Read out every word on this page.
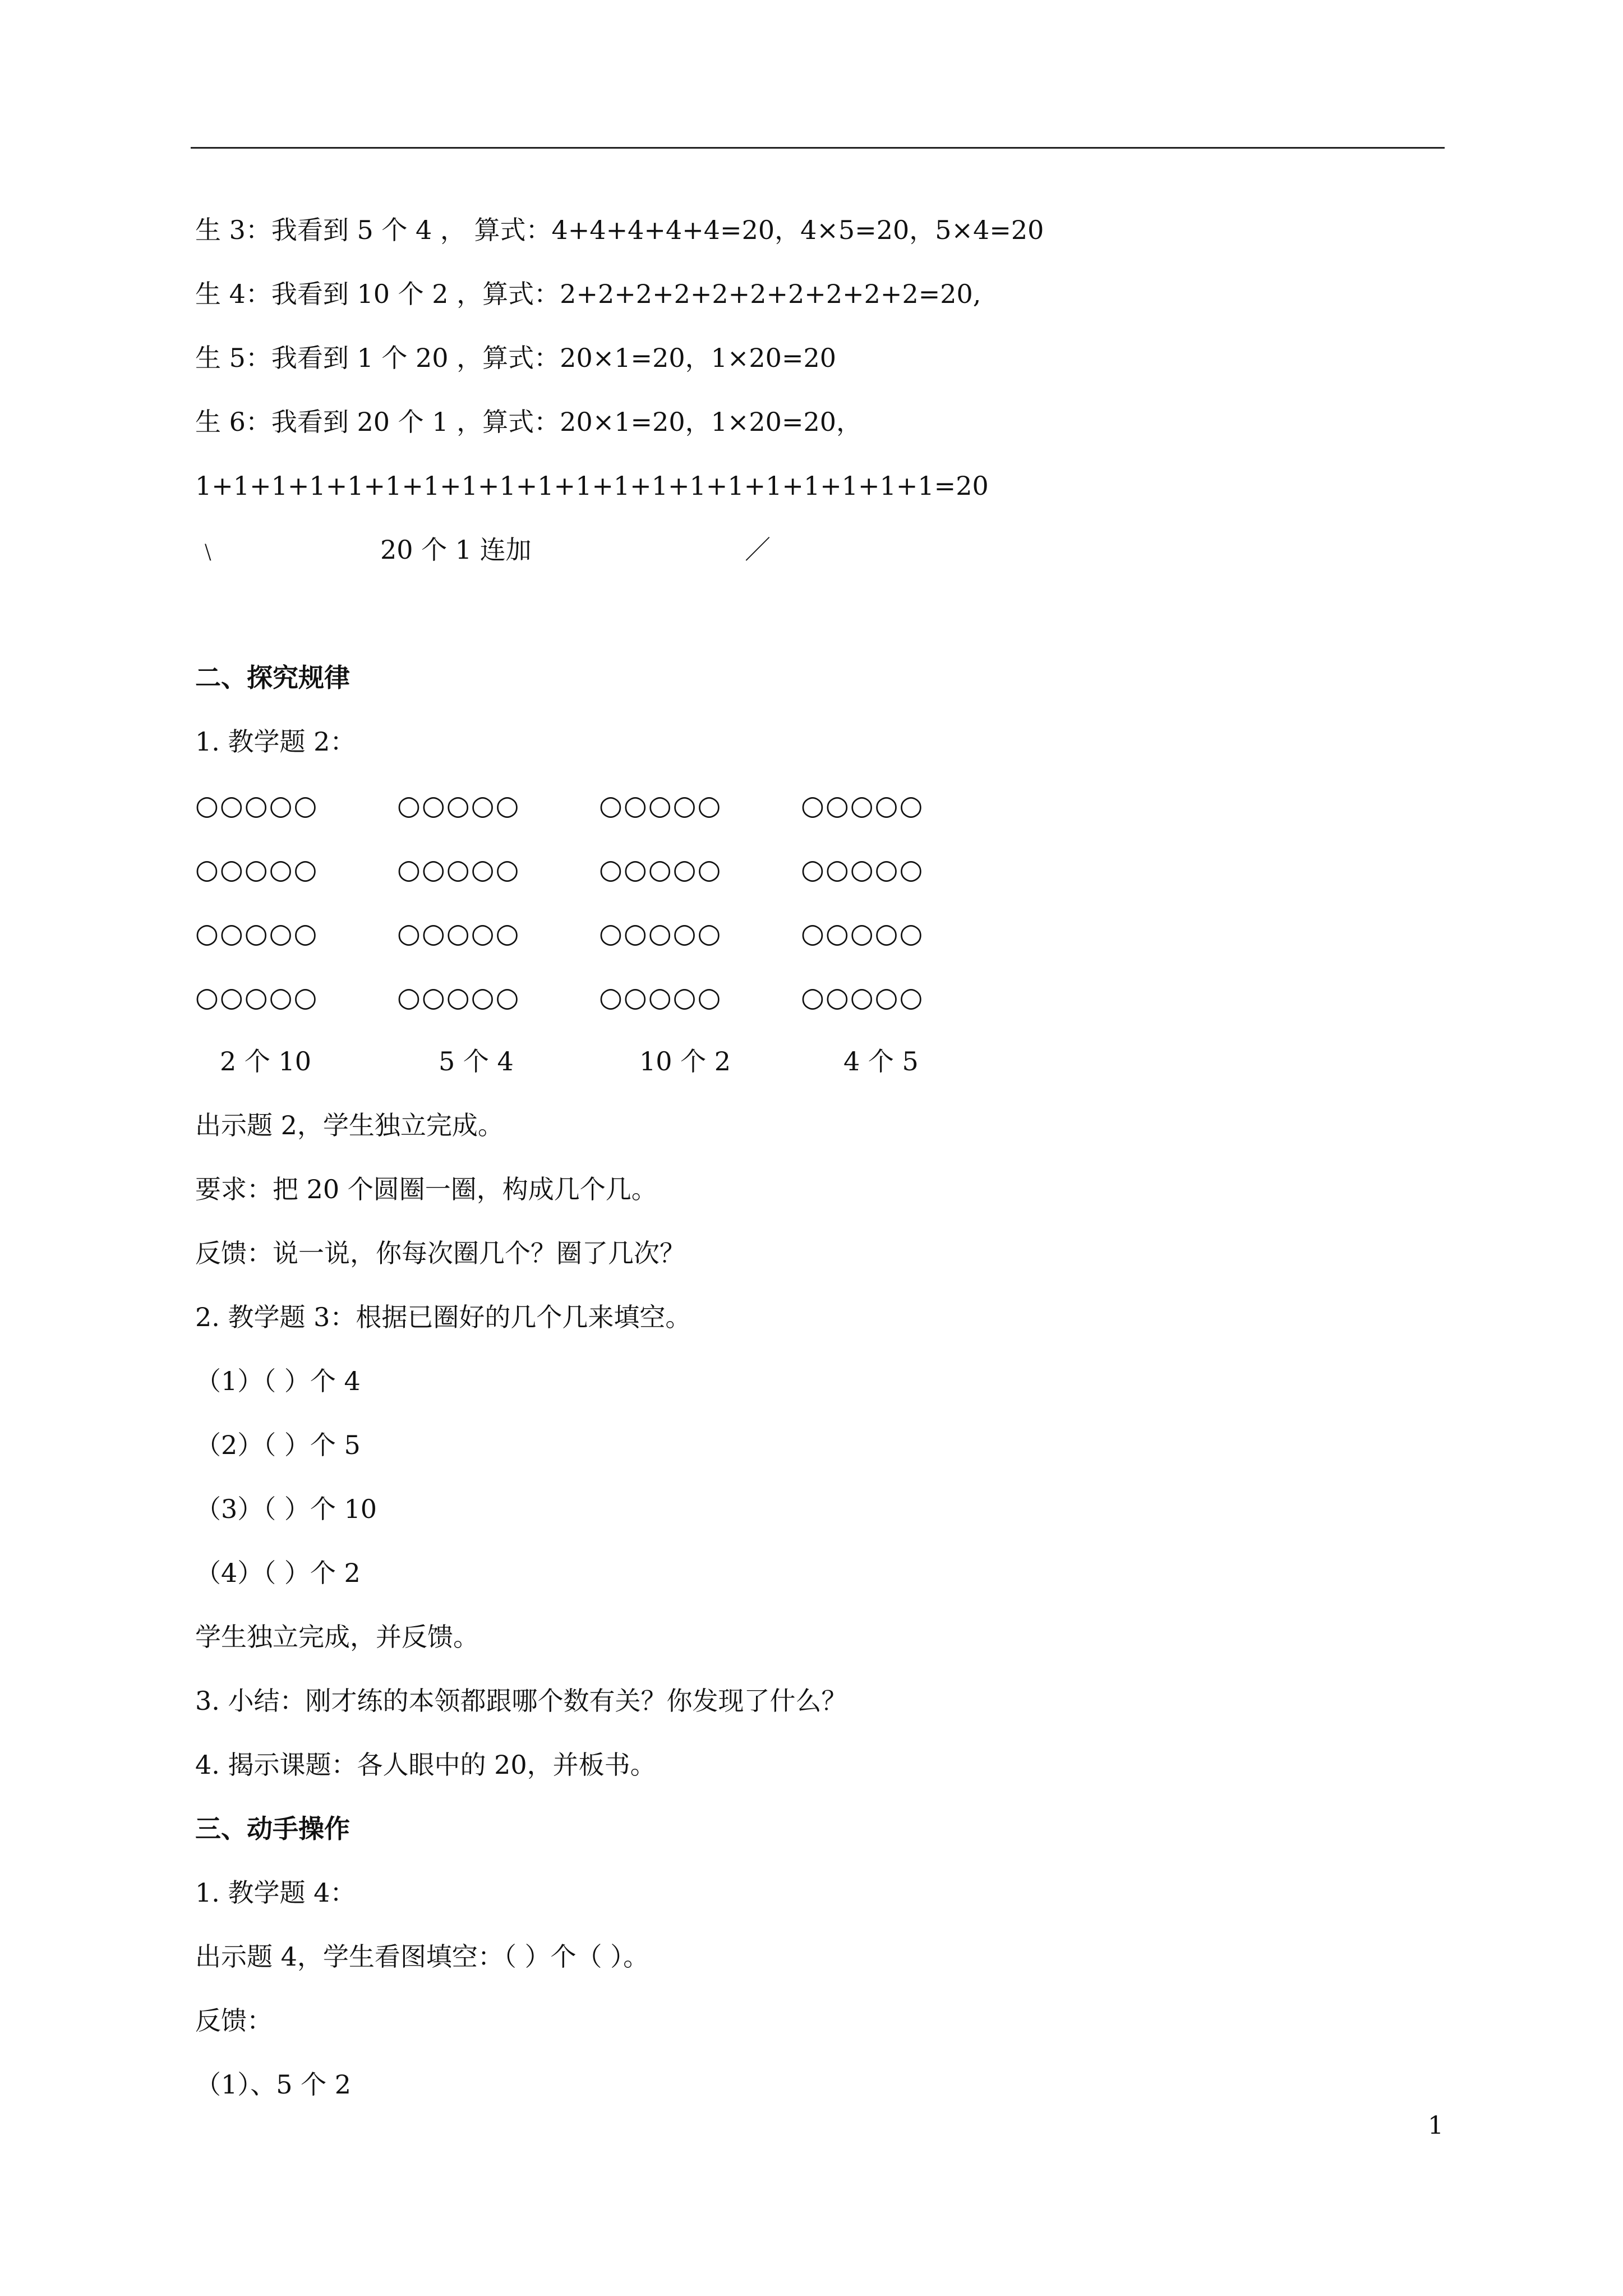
生 3：我看到 5 个 4 ， 算式：4+4+4+4+4=20，4×5=20，5×4=20
生 4：我看到 10 个 2 ，算式：2+2+2+2+2+2+2+2+2+2=20,
生 5：我看到 1 个 20 ，算式：20×1=20，1×20=20
生 6：我看到 20 个 1 ，算式：20×1=20，1×20=20，
1+1+1+1+1+1+1+1+1+1+1+1+1+1+1+1+1+1+1+1=20
﹨	20 个 1 连加	／
二、探究规律
1. 教学题 2：
○○○○○	○○○○○	○○○○○	○○○○○
○○○○○	○○○○○	○○○○○	○○○○○
○○○○○	○○○○○	○○○○○	○○○○○
○○○○○	○○○○○	○○○○○	○○○○○
2 个 10	5 个 4	10 个 2	4 个 5
出示题 2，学生独立完成。
要求：把 20 个圆圈一圈，构成几个几。
反馈：说一说，你每次圈几个？圈了几次？
2. 教学题 3：根据已圈好的几个几来填空。
（1）（ ）个 4
（2）（ ）个 5
（3）（ ）个 10
（4）（ ）个 2
学生独立完成，并反馈。
3. 小结：刚才练的本领都跟哪个数有关？你发现了什么？
4. 揭示课题：各人眼中的 20，并板书。
三、动手操作
1. 教学题 4：
出示题 4，学生看图填空：（ ）个（ ）。
反馈：
（1）、5 个 2
1
